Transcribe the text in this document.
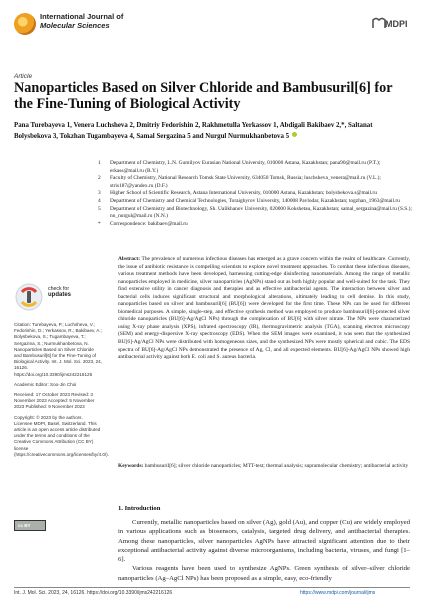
International Journal of
Molecular Sciences	MDPI
Article
Nanoparticles Based on Silver Chloride and Bambusuril[6] for the Fine-Tuning of Biological Activity
Pana Turebayeva 1, Venera Luchsheva 2, Dmitriy Fedorishin 2, Rakhmetulla Yerkassov 1, Abdigali Bakibaev 2,*, Saltanat Bolysbekova 3, Tokzhan Tugambayeva 4, Samal Sergazina 5 and Nurgul Nurmukhanbetova 5
1 Department of Chemistry, L.N. Gumilyov Eurasian National University, 010000 Astana, Kazakhstan; pana90@mail.ru (P.T.); erkass@mail.ru (R.Y.)
2 Faculty of Chemistry, National Research Tomsk State University, 634050 Tomsk, Russia; luschsheva_venera@mail.ru (V.L.); stris187@yandex.ru (D.F.)
3 Higher School of Scientific Research, Astana International University, 010000 Astana, Kazakhstan; bolysbekova.s@mail.ru
4 Department of Chemistry and Chemical Technologies, Toraighyrov University, 140008 Pavlodar, Kazakhstan; togzhan_1963@mail.ru
5 Department of Chemistry and Biotechnology, Sh. Ualikhanov University, 020000 Kokshetau, Kazakhstan; samal_sergazina@mail.ru (S.S.); nn_nurgul@mail.ru (N.N.)
* Correspondence: bakibaev@mail.ru
Abstract: The prevalence of numerous infectious diseases has emerged as a grave concern within the realm of healthcare. Currently, the issue of antibiotic resistance is compelling scientists to explore novel treatment approaches. To combat these infectious diseases, various treatment methods have been developed, harnessing cutting-edge disinfecting nanomaterials. Among the range of metallic nanoparticles employed in medicine, silver nanoparticles (AgNPs) stand out as both highly popular and well-suited for the task. They find extensive utility in cancer diagnosis and therapies and as effective antibacterial agents. The interaction between silver and bacterial cells induces significant structural and morphological alterations, ultimately leading to cell demise. In this study, nanoparticles based on silver and bambusuril[6] (BU[6]) were developed for the first time. These NPs can be used for different biomedical purposes. A simple, single-step, and effective synthesis method was employed to produce bambusuril[6]-protected silver chloride nanoparticles (BU[6]-Ag/AgCl NPs) through the complexation of BU[6] with silver nitrate. The NPs were characterized using X-ray phase analysis (XPS), infrared spectroscopy (IR), thermogravimetric analysis (TGA), scanning electron microscopy (SEM) and energy-dispersive X-ray spectroscopy (EDS). When the SEM images were examined, it was seen that the synthesized BU[6]-Ag/AgCl NPs were distributed with homogeneous sizes, and the synthesized NPs were mostly spherical and cubic. The EDS spectra of BU[6]-Ag/AgCl NPs demonstrated the presence of Ag, Cl, and all expected elements. BU[6]-Ag/AgCl NPs showed high antibacterial activity against both E. coli and S. aureus bacteria.
Keywords: bambusuril[6]; silver chloride nanoparticles; MTT-test; thermal analysis; supramolecular chemistry; antibacterial activity
check for
updates

Citation: Turebayeva, P.; Luchsheva, V.; Fedorishin, D.; Yerkassov, R.; Bakibaev, A.; Bolysbekova, S.; Tugambayeva, T.; Sergazina, S.; Nurmukhanbetova, N. Nanoparticles Based on Silver Chloride and Bambusuril[6] for the Fine-Tuning of Biological Activity. Int. J. Mol. Sci. 2023, 24, 16126. https://doi.org/10.3390/ijms242216126

Academic Editor: Soo-Jin Choi

Received: 17 October 2023 Revised: 3 November 2023 Accepted: 5 November 2023 Published: 9 November 2023

Copyright: © 2023 by the authors. Licensee MDPI, Basel, Switzerland. This article is an open access article distributed under the terms and conditions of the Creative Commons Attribution (CC BY) license (https://creativecommons.org/licenses/by/4.0/).

cc BY
1. Introduction

Currently, metallic nanoparticles based on silver (Ag), gold (Au), and copper (Cu) are widely employed in various applications such as biosensors, catalysis, targeted drug delivery, and antibacterial therapies. Among these nanoparticles, silver nanoparticles AgNPs have attracted significant attention due to their exceptional antibacterial activity against diverse microorganisms, including bacteria, viruses, and fungi [1–6].

Various reagents have been used to synthesize AgNPs. Green synthesis of silver–silver chloride nanoparticles (Ag–AgCl NPs) has been proposed as a simple, easy, eco-friendly

Int. J. Mol. Sci. 2023, 24, 16126. https://doi.org/10.3390/ijms242216126	https://www.mdpi.com/journal/ijms
